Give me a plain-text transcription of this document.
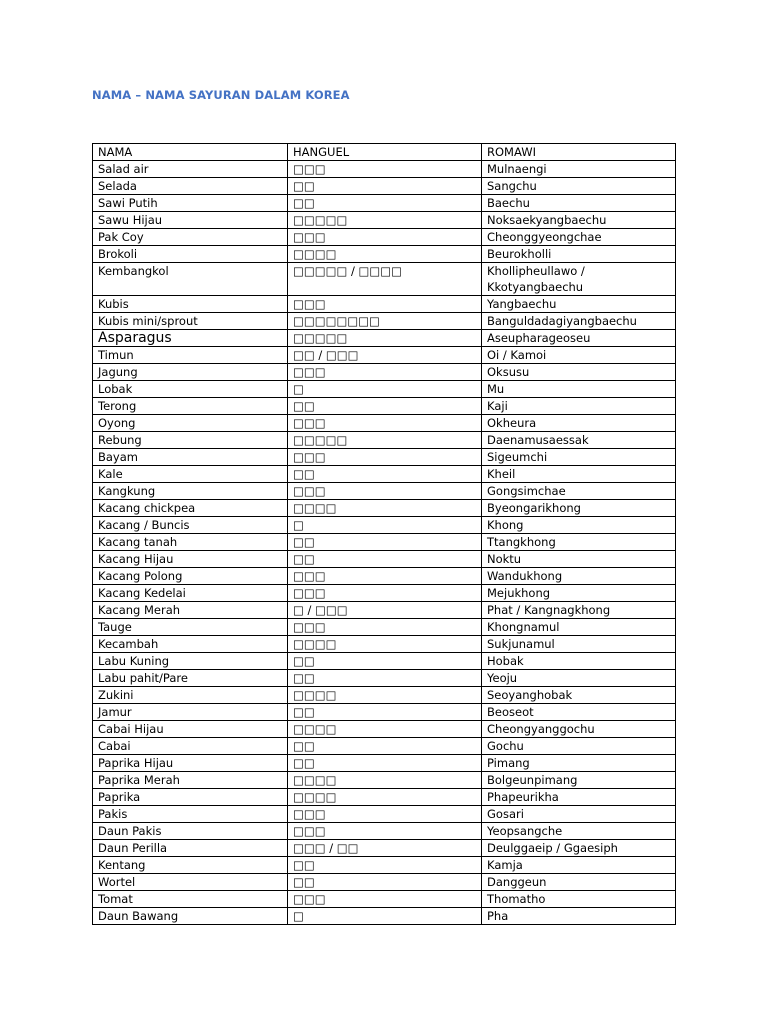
NAMA – NAMA SAYURAN DALAM KOREA
NAMA	HANGUEL	ROMAWI
Salad air	□□□	Mulnaengi
Selada	□□	Sangchu
Sawi Putih	□□	Baechu
Sawu Hijau	□□□□□	Noksaekyangbaechu
Pak Coy	□□□	Cheonggyeongchae
Brokoli	□□□□	Beurokholli
Kembangkol	□□□□□ / □□□□	Khollipheullawo /
Kkotyangbaechu

Kubis	□□□	Yangbaechu
Kubis mini/sprout	□□□□□□□□	Banguldadagiyangbaechu
Asparagus	□□□□□	Aseupharageoseu
Timun	□□ / □□□	Oi / Kamoi
Jagung	□□□	Oksusu
Lobak	□	Mu
Terong	□□	Kaji
Oyong	□□□	Okheura
Rebung	□□□□□	Daenamusaessak
Bayam	□□□	Sigeumchi
Kale	□□	Kheil
Kangkung	□□□	Gongsimchae
Kacang chickpea	□□□□	Byeongarikhong
Kacang / Buncis	□	Khong
Kacang tanah	□□	Ttangkhong
Kacang Hijau	□□	Noktu
Kacang Polong	□□□	Wandukhong
Kacang Kedelai	□□□	Mejukhong
Kacang Merah	□ / □□□	Phat / Kangnagkhong
Tauge	□□□	Khongnamul
Kecambah	□□□□	Sukjunamul
Labu Kuning	□□	Hobak
Labu pahit/Pare	□□	Yeoju
Zukini	□□□□	Seoyanghobak
Jamur	□□	Beoseot
Cabai Hijau	□□□□	Cheongyanggochu
Cabai	□□	Gochu
Paprika Hijau	□□	Pimang
Paprika Merah	□□□□	Bolgeunpimang
Paprika	□□□□	Phapeurikha
Pakis	□□□	Gosari
Daun Pakis	□□□	Yeopsangche
Daun Perilla	□□□ / □□	Deulggaeip / Ggaesiph
Kentang	□□	Kamja
Wortel	□□	Danggeun
Tomat	□□□	Thomatho
Daun Bawang	□	Pha
